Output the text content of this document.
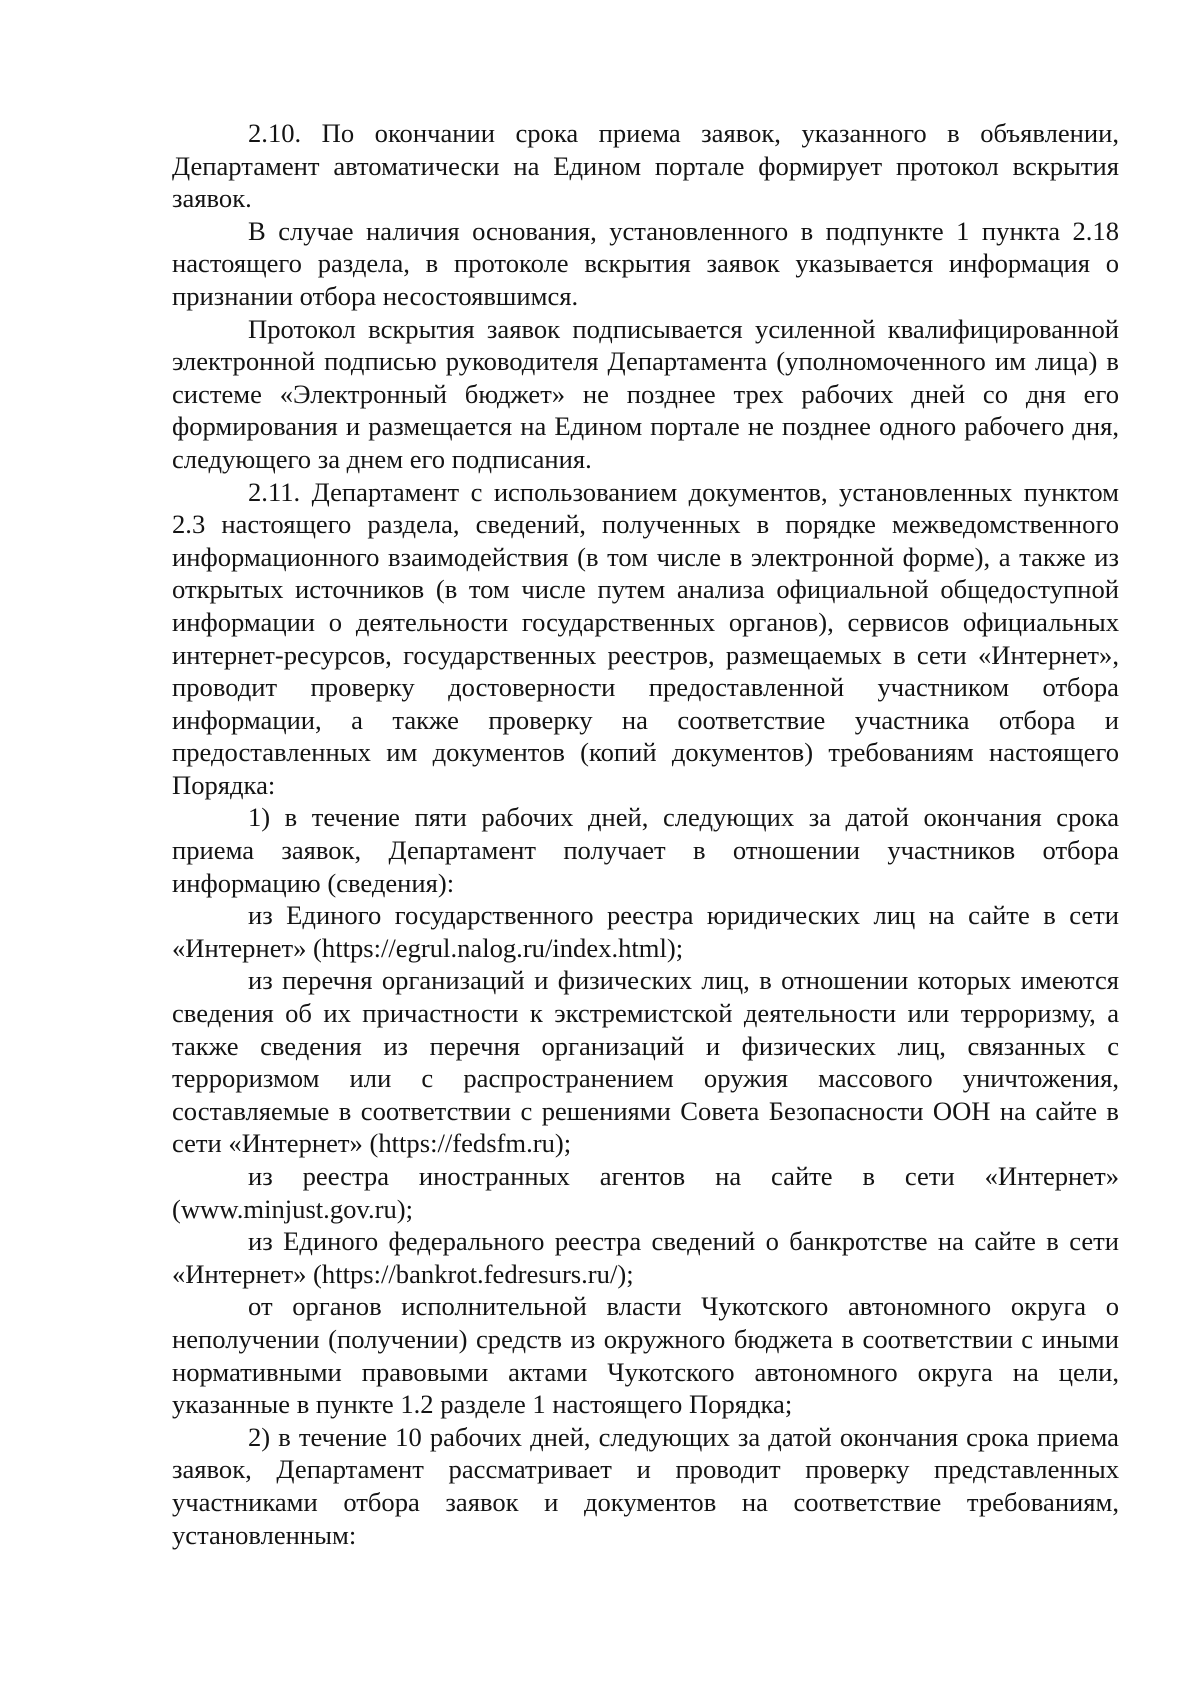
2.10. По окончании срока приема заявок, указанного в объявлении, Департамент автоматически на Едином портале формирует протокол вскрытия заявок.

В случае наличия основания, установленного в подпункте 1 пункта 2.18 настоящего раздела, в протоколе вскрытия заявок указывается информация о признании отбора несостоявшимся.

Протокол вскрытия заявок подписывается усиленной квалифицированной электронной подписью руководителя Департамента (уполномоченного им лица) в системе «Электронный бюджет» не позднее трех рабочих дней со дня его формирования и размещается на Едином портале не позднее одного рабочего дня, следующего за днем его подписания.

2.11. Департамент с использованием документов, установленных пунктом 2.3 настоящего раздела, сведений, полученных в порядке межведомственного информационного взаимодействия (в том числе в электронной форме), а также из открытых источников (в том числе путем анализа официальной общедоступной информации о деятельности государственных органов), сервисов официальных интернет-ресурсов, государственных реестров, размещаемых в сети «Интернет», проводит проверку достоверности предоставленной участником отбора информации, а также проверку на соответствие участника отбора и предоставленных им документов (копий документов) требованиям настоящего Порядка:

1) в течение пяти рабочих дней, следующих за датой окончания срока приема заявок, Департамент получает в отношении участников отбора информацию (сведения):

из Единого государственного реестра юридических лиц на сайте в сети «Интернет» (https://egrul.nalog.ru/index.html);

из перечня организаций и физических лиц, в отношении которых имеются сведения об их причастности к экстремистской деятельности или терроризму, а также сведения из перечня организаций и физических лиц, связанных с терроризмом или с распространением оружия массового уничтожения, составляемые в соответствии с решениями Совета Безопасности ООН на сайте в сети «Интернет» (https://fedsfm.ru);

из реестра иностранных агентов на сайте в сети «Интернет» (www.minjust.gov.ru);

из Единого федерального реестра сведений о банкротстве на сайте в сети «Интернет» (https://bankrot.fedresurs.ru/);

от органов исполнительной власти Чукотского автономного округа о неполучении (получении) средств из окружного бюджета в соответствии с иными нормативными правовыми актами Чукотского автономного округа на цели, указанные в пункте 1.2 разделе 1 настоящего Порядка;

2) в течение 10 рабочих дней, следующих за датой окончания срока приема заявок, Департамент рассматривает и проводит проверку представленных участниками отбора заявок и документов на соответствие требованиям, установленным:
